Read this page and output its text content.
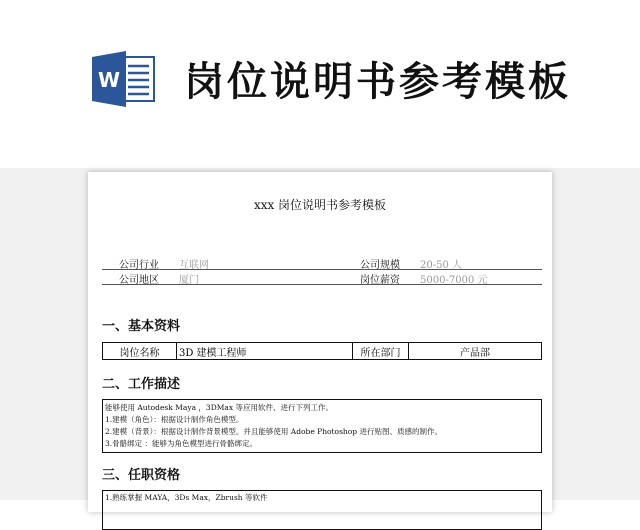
W 岗位说明书参考模板
xxx 岗位说明书参考模板
公司行业 互联网	公司规模 20-50 人
公司地区 厦门	岗位薪资 5000-7000 元
一、基本资料
岗位名称	3D 建模工程师	所在部门	产品部
二、工作描述
能够使用 Autodesk Maya ，3DMax 等应用软件、进行下列工作。
1.建模（角色）：根据设计制作角色模型。
2.建模（背景）：根据设计制作背景模型。并且能够使用 Adobe Photoshop 进行贴图、质感的制作。
3.骨骼绑定 ：能够为角色模型进行骨骼绑定。
三、任职资格
1.熟练掌握 MAYA，3Ds Max，Zbrush 等软件
